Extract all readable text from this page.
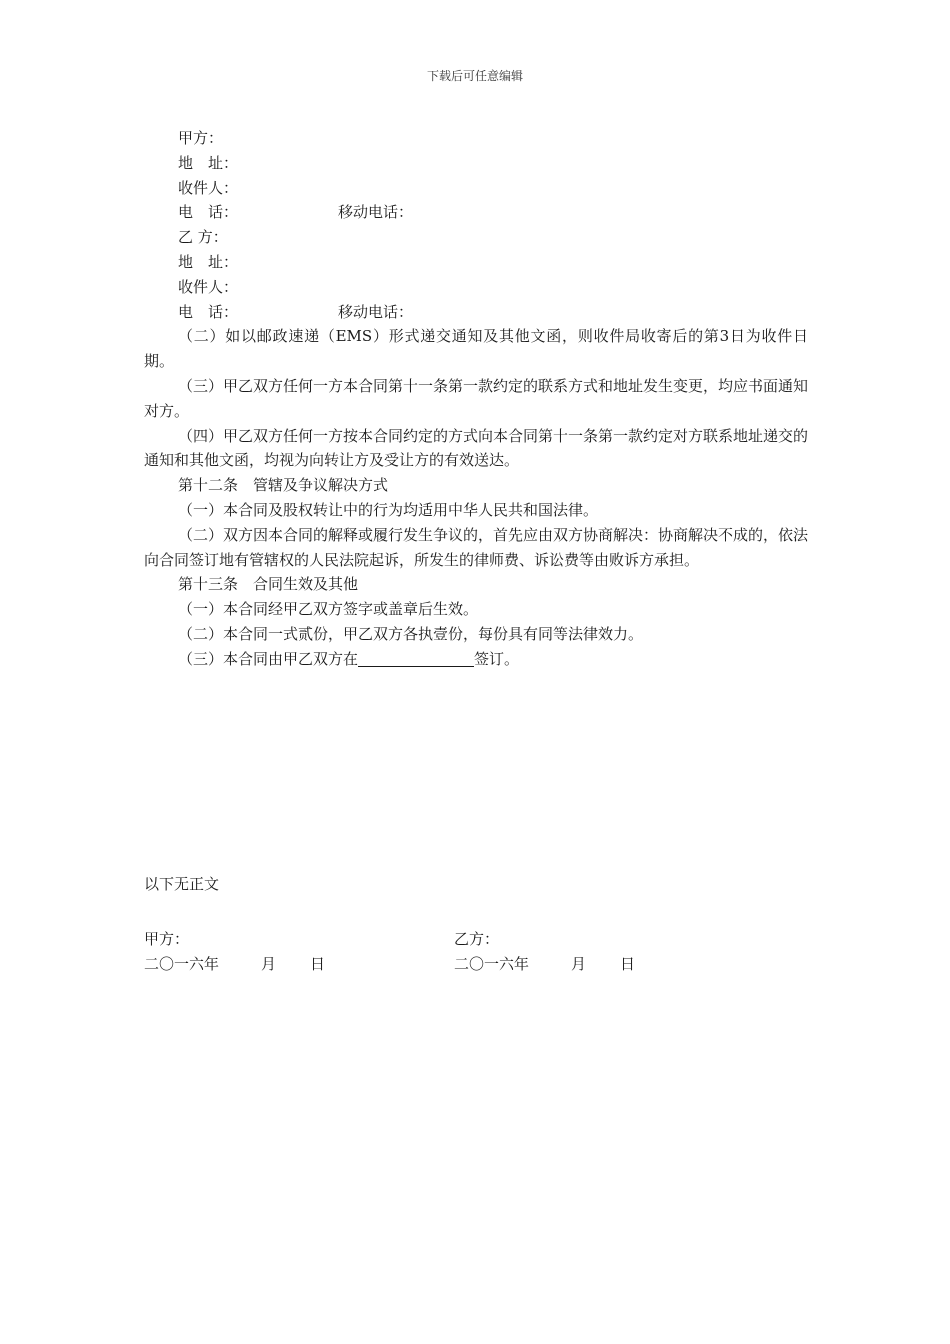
下载后可任意编辑
甲方：
地　址：
收件人：
电　话：	移动电话：
乙 方：
地　址：
收件人：
电　话：	移动电话：
（二）如以邮政速递（EMS）形式递交通知及其他文函，则收件局收寄后的第3日为收件日期。
（三）甲乙双方任何一方本合同第十一条第一款约定的联系方式和地址发生变更，均应书面通知对方。
（四）甲乙双方任何一方按本合同约定的方式向本合同第十一条第一款约定对方联系地址递交的通知和其他文函，均视为向转让方及受让方的有效送达。
第十二条　管辖及争议解决方式
（一）本合同及股权转让中的行为均适用中华人民共和国法律。
（二）双方因本合同的解释或履行发生争议的，首先应由双方协商解决：协商解决不成的，依法向合同签订地有管辖权的人民法院起诉，所发生的律师费、诉讼费等由败诉方承担。
第十三条　合同生效及其他
（一）本合同经甲乙双方签字或盖章后生效。
（二）本合同一式贰份，甲乙双方各执壹份，每份具有同等法律效力。
（三）本合同由甲乙双方在	签订。
以下无正文
甲方：	乙方：
二〇一六年	月 日	二〇一六年	月 日
